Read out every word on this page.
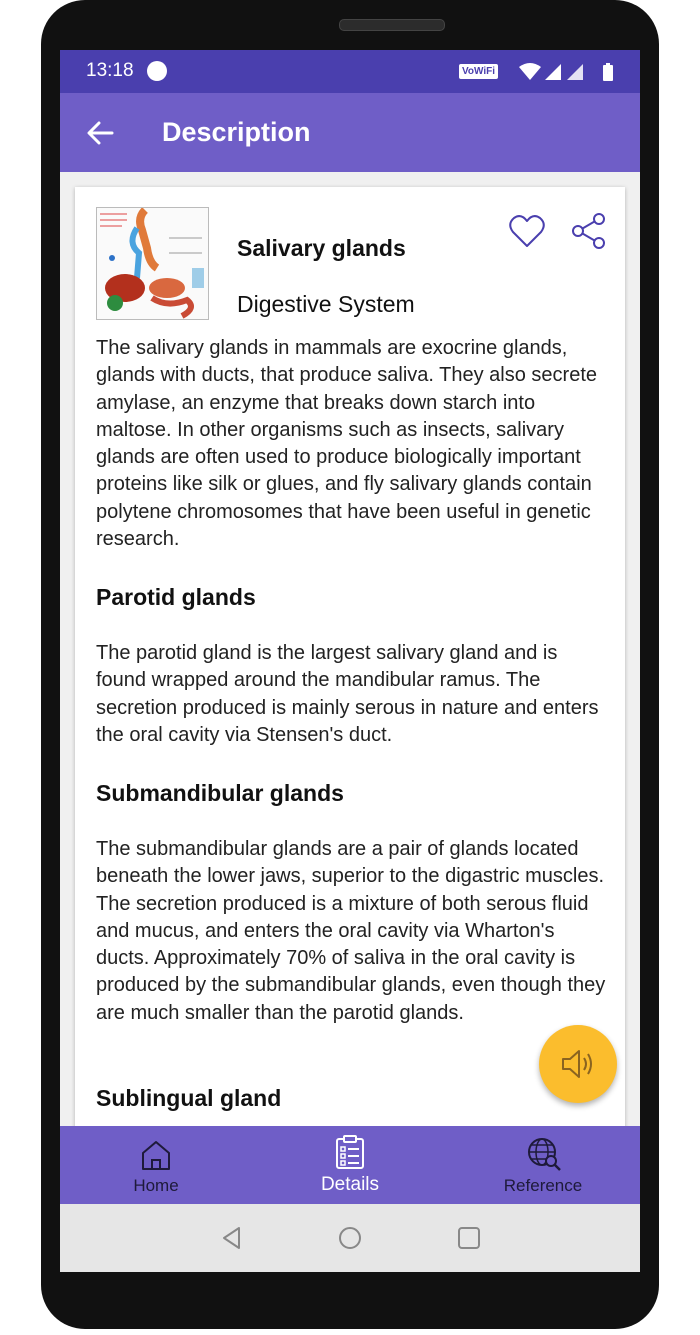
13:18	VoWiFi
Description
Salivary glands
Digestive System

The salivary glands in mammals are exocrine glands, glands with ducts, that produce saliva. They also secrete amylase, an enzyme that breaks down starch into maltose. In other organisms such as insects, salivary glands are often used to produce biologically important proteins like silk or glues, and fly salivary glands contain polytene chromosomes that have been useful in genetic research.

Parotid glands

The parotid gland is the largest salivary gland and is found wrapped around the mandibular ramus. The secretion produced is mainly serous in nature and enters the oral cavity via Stensen's duct.

Submandibular glands

The submandibular glands are a pair of glands located beneath the lower jaws, superior to the digastric muscles. The secretion produced is a mixture of both serous fluid and mucus, and enters the oral cavity via Wharton's ducts. Approximately 70% of saliva in the oral cavity is produced by the submandibular glands, even though they are much smaller than the parotid glands.

Sublingual gland
Home	Details	Reference
